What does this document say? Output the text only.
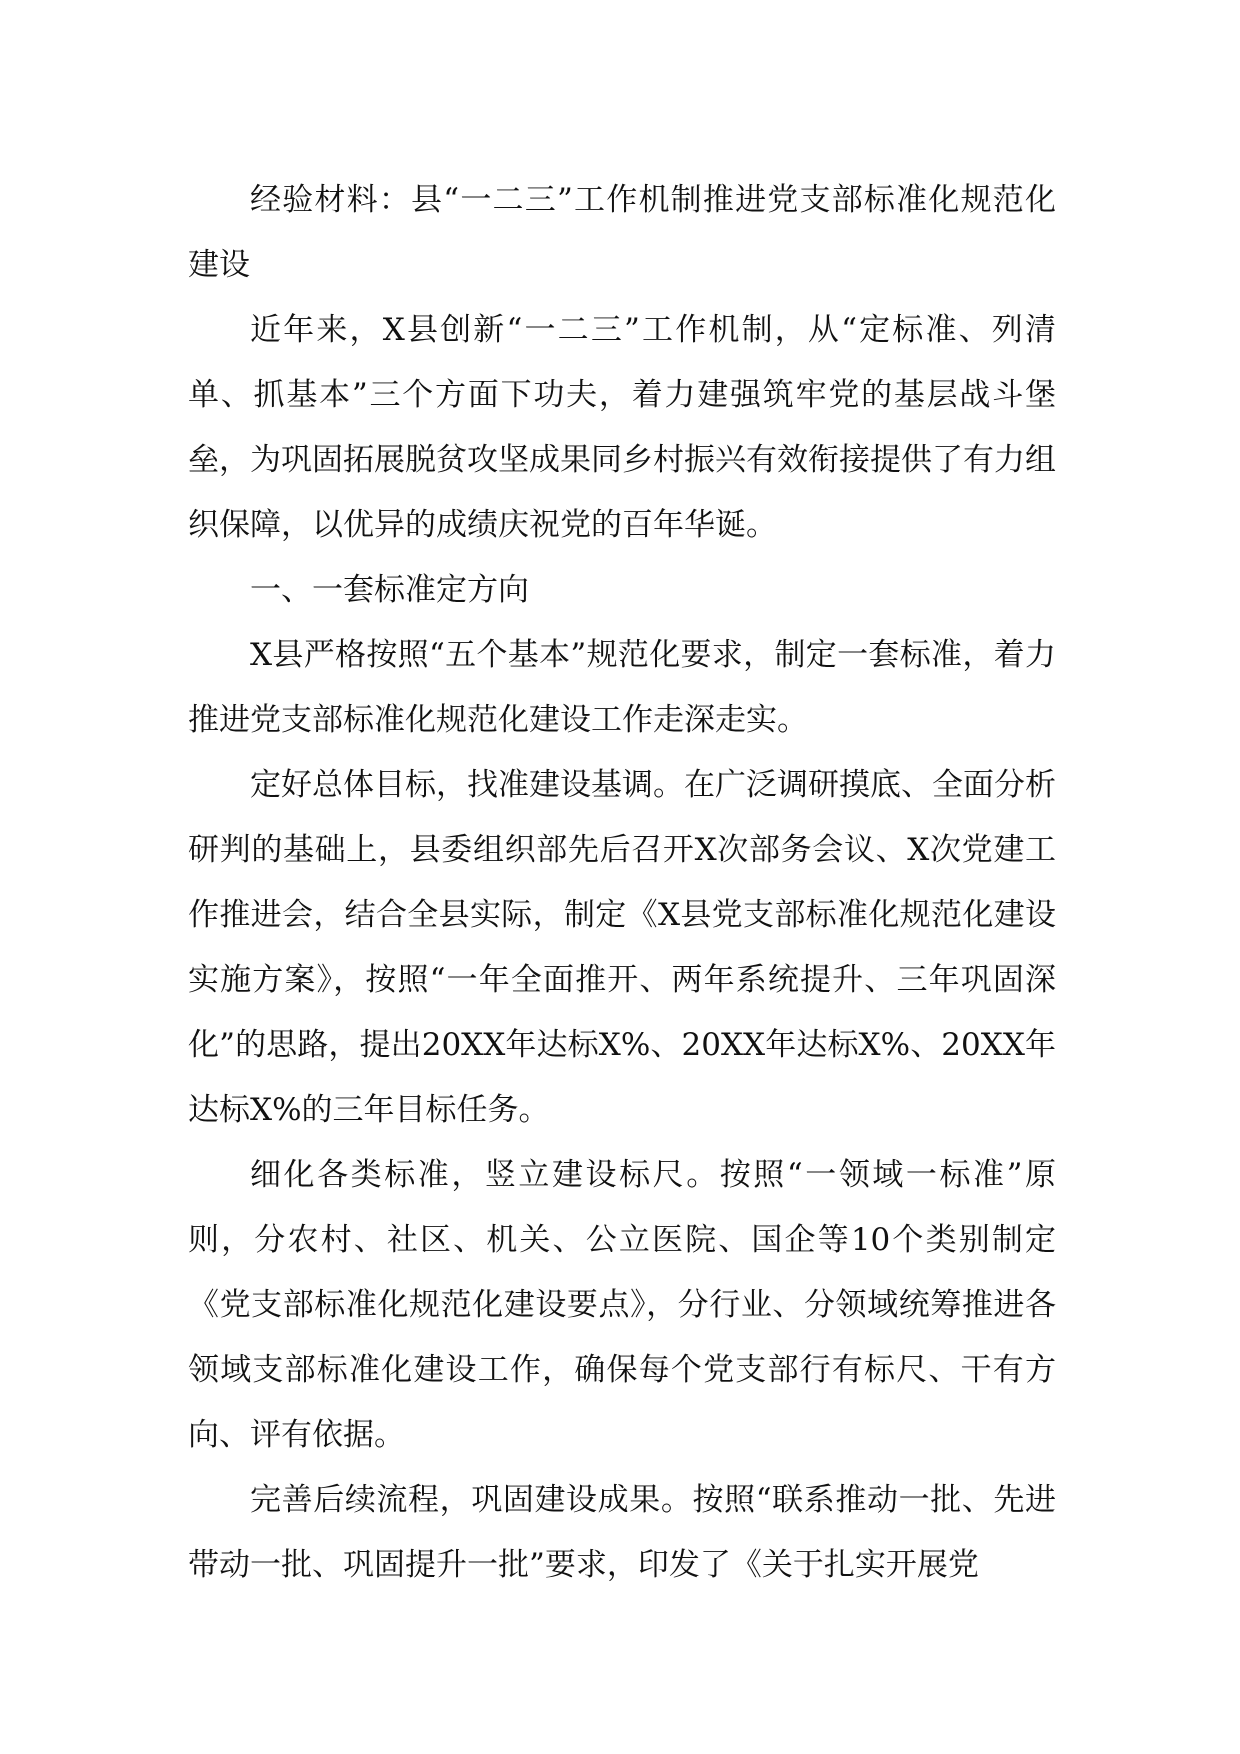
经验材料：县“一二三”工作机制推进党支部标准化规范化建设

近年来，X县创新“一二三”工作机制，从“定标准、列清单、抓基本”三个方面下功夫，着力建强筑牢党的基层战斗堡垒，为巩固拓展脱贫攻坚成果同乡村振兴有效衔接提供了有力组织保障，以优异的成绩庆祝党的百年华诞。

一、一套标准定方向

X县严格按照“五个基本”规范化要求，制定一套标准，着力推进党支部标准化规范化建设工作走深走实。

定好总体目标，找准建设基调。在广泛调研摸底、全面分析研判的基础上，县委组织部先后召开X次部务会议、X次党建工作推进会，结合全县实际，制定《X县党支部标准化规范化建设实施方案》，按照“一年全面推开、两年系统提升、三年巩固深化”的思路，提出20XX年达标X%、20XX年达标X%、20XX年达标X%的三年目标任务。

细化各类标准，竖立建设标尺。按照“一领域一标准”原则，分农村、社区、机关、公立医院、国企等10个类别制定《党支部标准化规范化建设要点》，分行业、分领域统筹推进各领域支部标准化建设工作，确保每个党支部行有标尺、干有方向、评有依据。

完善后续流程，巩固建设成果。按照“联系推动一批、先进带动一批、巩固提升一批”要求，印发了《关于扎实开展党
